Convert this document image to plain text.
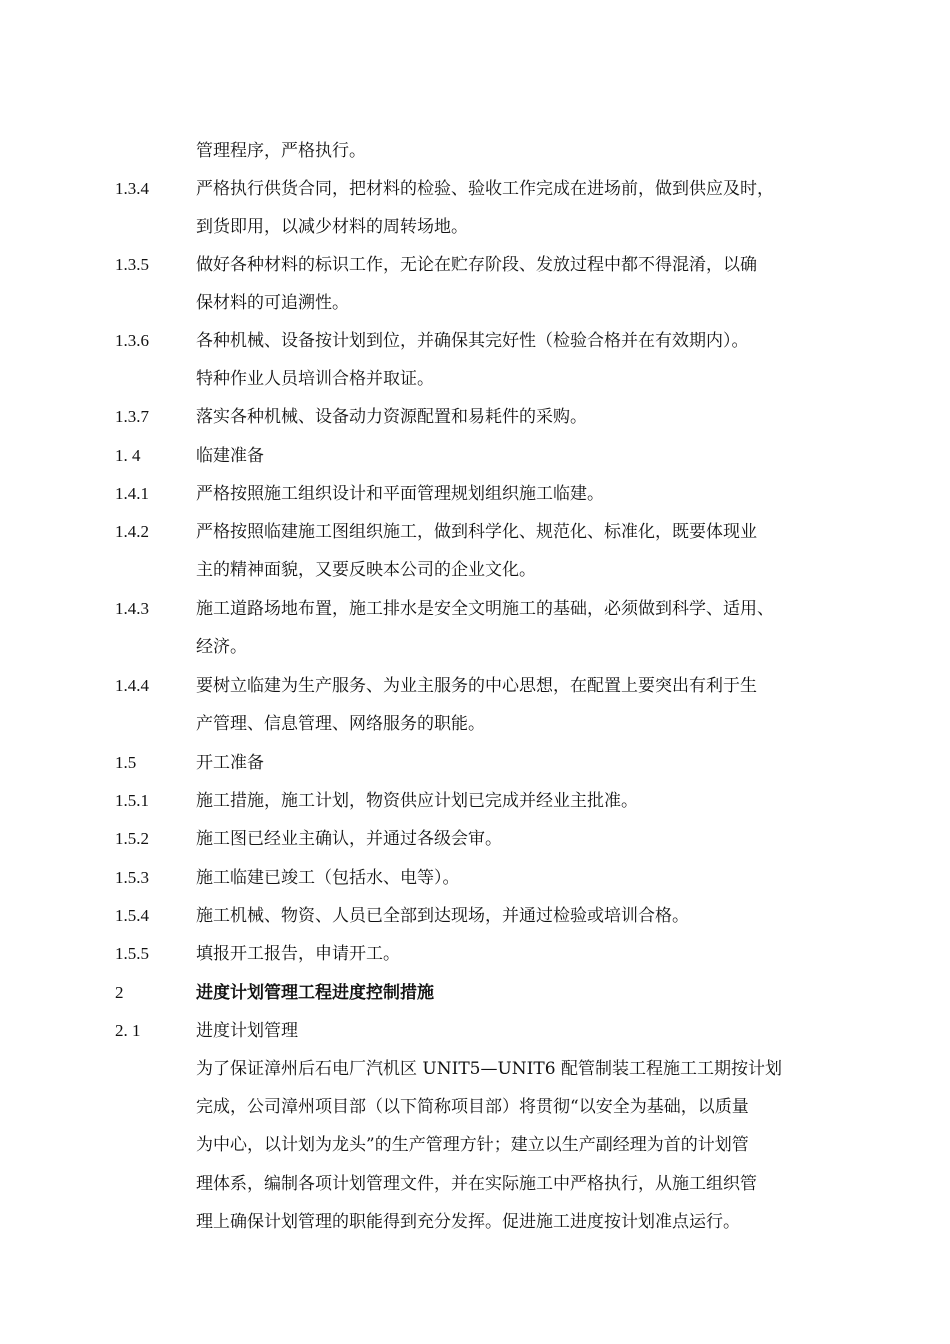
管理程序，严格执行。
1.3.4	严格执行供货合同，把材料的检验、验收工作完成在进场前，做到供应及时，
到货即用，以减少材料的周转场地。
1.3.5	做好各种材料的标识工作，无论在贮存阶段、发放过程中都不得混淆，以确
保材料的可追溯性。
1.3.6	各种机械、设备按计划到位，并确保其完好性（检验合格并在有效期内）。
特种作业人员培训合格并取证。
1.3.7	落实各种机械、设备动力资源配置和易耗件的采购。
1. 4	临建准备
1.4.1	严格按照施工组织设计和平面管理规划组织施工临建。
1.4.2	严格按照临建施工图组织施工，做到科学化、规范化、标准化，既要体现业
主的精神面貌，又要反映本公司的企业文化。
1.4.3	施工道路场地布置，施工排水是安全文明施工的基础，必须做到科学、适用、
经济。
1.4.4	要树立临建为生产服务、为业主服务的中心思想，在配置上要突出有利于生
产管理、信息管理、网络服务的职能。
1.5	开工准备
1.5.1	施工措施，施工计划，物资供应计划已完成并经业主批准。
1.5.2	施工图已经业主确认，并通过各级会审。
1.5.3	施工临建已竣工（包括水、电等）。
1.5.4	施工机械、物资、人员已全部到达现场，并通过检验或培训合格。
1.5.5	填报开工报告，申请开工。
2	进度计划管理工程进度控制措施
2. 1	进度计划管理
为了保证漳州后石电厂汽机区 UNIT5—UNIT6 配管制装工程施工工期按计划
完成，公司漳州项目部（以下简称项目部）将贯彻“以安全为基础，以质量
为中心，以计划为龙头”的生产管理方针；建立以生产副经理为首的计划管
理体系，编制各项计划管理文件，并在实际施工中严格执行，从施工组织管
理上确保计划管理的职能得到充分发挥。促进施工进度按计划准点运行。
